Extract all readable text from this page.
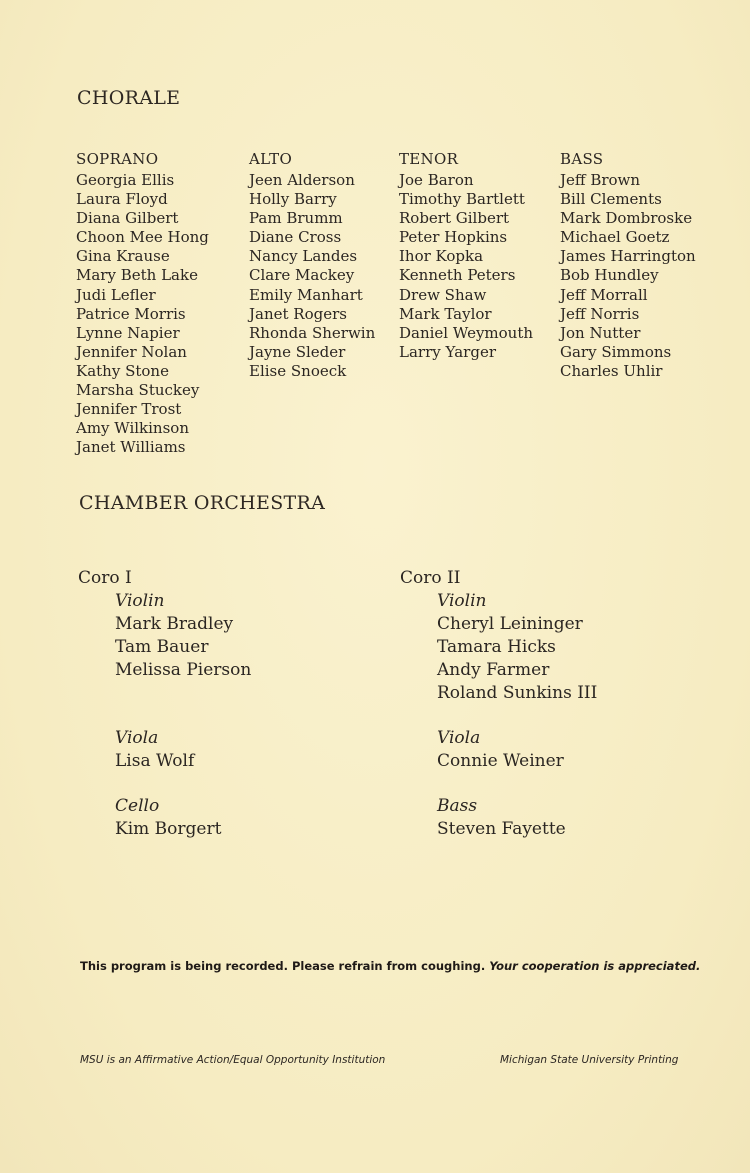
CHORALE
SOPRANO
Georgia Ellis
Laura Floyd
Diana Gilbert
Choon Mee Hong
Gina Krause
Mary Beth Lake
Judi Lefler
Patrice Morris
Lynne Napier
Jennifer Nolan
Kathy Stone
Marsha Stuckey
Jennifer Trost
Amy Wilkinson
Janet Williams
ALTO
Jeen Alderson
Holly Barry
Pam Brumm
Diane Cross
Nancy Landes
Clare Mackey
Emily Manhart
Janet Rogers
Rhonda Sherwin
Jayne Sleder
Elise Snoeck
TENOR
Joe Baron
Timothy Bartlett
Robert Gilbert
Peter Hopkins
Ihor Kopka
Kenneth Peters
Drew Shaw
Mark Taylor
Daniel Weymouth
Larry Yarger
BASS
Jeff Brown
Bill Clements
Mark Dombroske
Michael Goetz
James Harrington
Bob Hundley
Jeff Morrall
Jeff Norris
Jon Nutter
Gary Simmons
Charles Uhlir
CHAMBER ORCHESTRA
Coro I
Violin
Mark Bradley
Tam Bauer
Melissa Pierson
Viola
Lisa Wolf
Cello
Kim Borgert
Coro II
Violin
Cheryl Leininger
Tamara Hicks
Andy Farmer
Roland Sunkins III
Viola
Connie Weiner
Bass
Steven Fayette
This program is being recorded. Please refrain from coughing. Your cooperation is appreciated.
MSU is an Affirmative Action/Equal Opportunity Institution	Michigan State University Printing
